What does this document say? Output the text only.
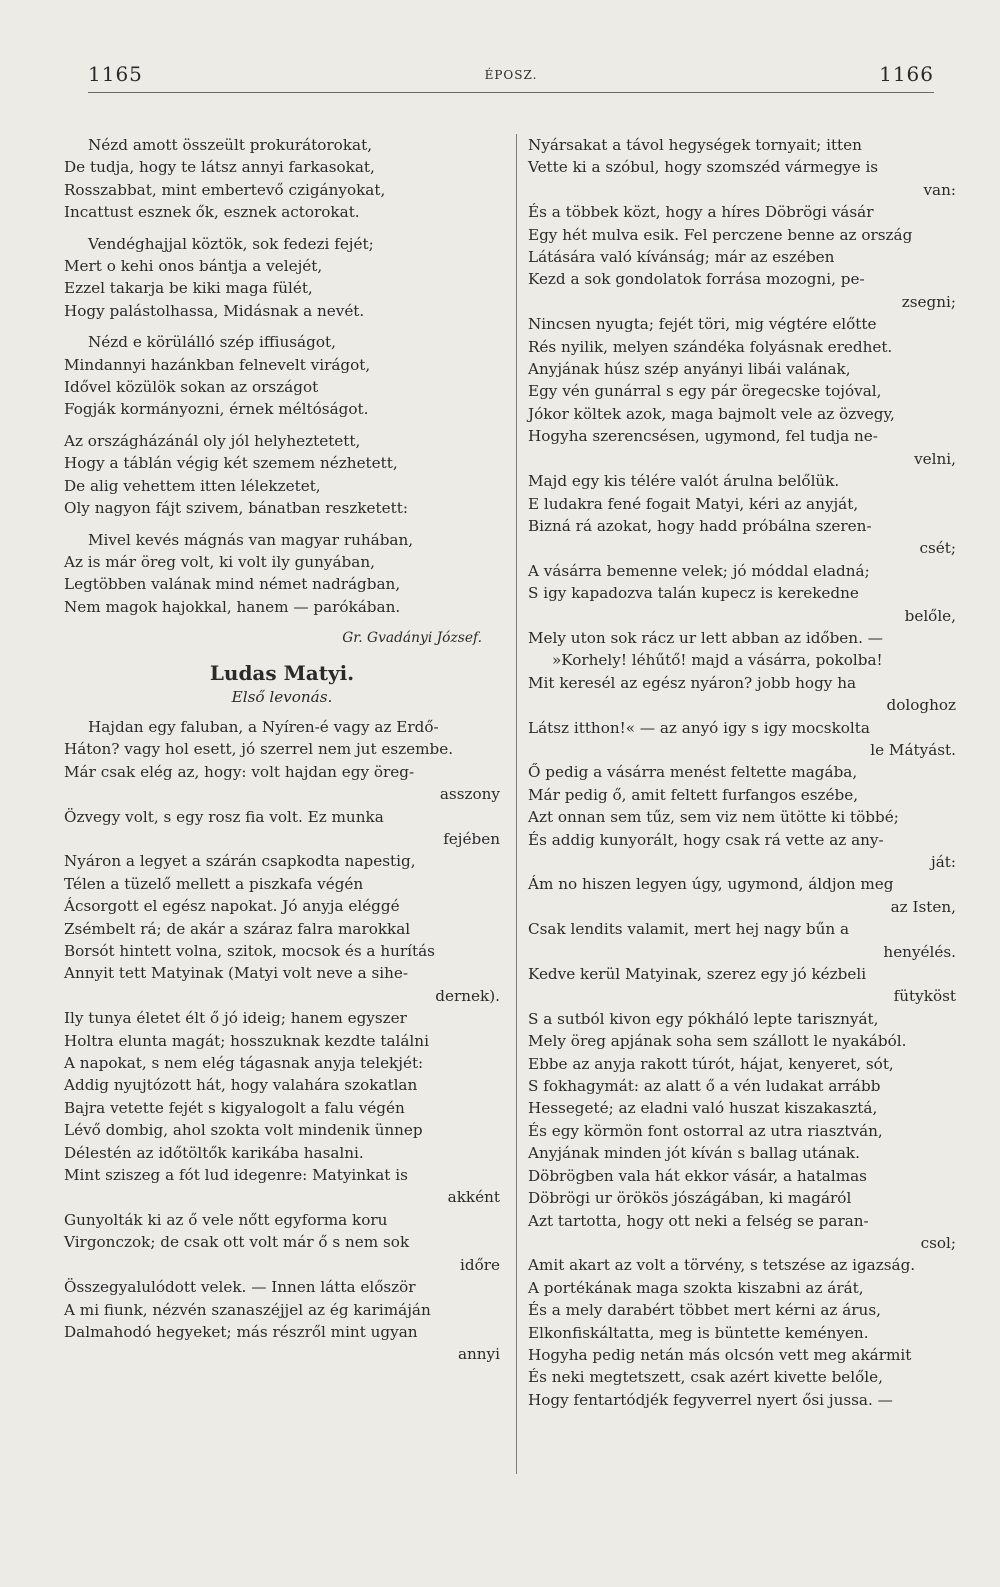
1165	ÉPOSZ.	1166
Nézd amott összeült prokurátorokat,
De tudja, hogy te látsz annyi farkasokat,
Rosszabbat, mint embertevő czigányokat,
Incattust esznek ők, esznek actorokat.
Vendéghajjal köztök, sok fedezi fejét;
Mert o kehi onos bántja a velejét,
Ezzel takarja be kiki maga fülét,
Hogy palástolhassa, Midásnak a nevét.
Nézd e körülálló szép iffiuságot,
Mindannyi hazánkban felnevelt virágot,
Idővel közülök sokan az országot
Fogják kormányozni, érnek méltóságot.
Az országházánál oly jól helyheztetett,
Hogy a táblán végig két szemem nézhetett,
De alig vehettem itten lélekzetet,
Oly nagyon fájt szivem, bánatban reszketett:
Mivel kevés mágnás van magyar ruhában,
Az is már öreg volt, ki volt ily gunyában,
Legtöbben valának mind német nadrágban,
Nem magok hajokkal, hanem — parókában.
Gr. Gvadányi József.
Ludas Matyi.
Első levonás.
Hajdan egy faluban, a Nyíren-é vagy az Erdő-
Háton? vagy hol esett, jó szerrel nem jut eszembe.
Már csak elég az, hogy: volt hajdan egy öreg-
asszony
Özvegy volt, s egy rosz fia volt. Ez munka
fejében
Nyáron a legyet a szárán csapkodta napestig,
Télen a tüzelő mellett a piszkafa végén
Ácsorgott el egész napokat. Jó anyja eléggé
Zsémbelt rá; de akár a száraz falra marokkal
Borsót hintett volna, szitok, mocsok és a hurítás
Annyit tett Matyinak (Matyi volt neve a sihe-
dernek).
Ily tunya életet élt ő jó ideig; hanem egyszer
Holtra elunta magát; hosszuknak kezdte találni
A napokat, s nem elég tágasnak anyja telekjét:
Addig nyujtózott hát, hogy valahára szokatlan
Bajra vetette fejét s kigyalogolt a falu végén
Lévő dombig, ahol szokta volt mindenik ünnep
Délestén az időtöltők karikába hasalni.
Mint sziszeg a fót lud idegenre: Matyinkat is
akként
Gunyolták ki az ő vele nőtt egyforma koru
Virgonczok; de csak ott volt már ő s nem sok
időre
Összegyalulódott velek. — Innen látta először
A mi fiunk, nézvén szanaszéjjel az ég karimáján
Dalmahodó hegyeket; más részről mint ugyan
annyi
Nyársakat a távol hegységek tornyait; itten
Vette ki a szóbul, hogy szomszéd vármegye is
van:
És a többek közt, hogy a híres Döbrögi vásár
Egy hét mulva esik. Fel perczene benne az ország
Látására való kívánság; már az eszében
Kezd a sok gondolatok forrása mozogni, pe-
zsegni;
Nincsen nyugta; fejét töri, mig végtére előtte
Rés nyilik, melyen szándéka folyásnak eredhet.
Anyjának húsz szép anyányi libái valának,
Egy vén gunárral s egy pár öregecske tojóval,
Jókor költek azok, maga bajmolt vele az özvegy,
Hogyha szerencsésen, ugymond, fel tudja ne-
velni,
Majd egy kis télére valót árulna belőlük.
E ludakra fené fogait Matyi, kéri az anyját,
Bizná rá azokat, hogy hadd próbálna szeren-
csét;
A vásárra bemenne velek; jó móddal eladná;
S igy kapadozva talán kupecz is kerekedne
belőle,
Mely uton sok rácz ur lett abban az időben. —
»Korhely! léhűtő! majd a vásárra, pokolba!
Mit keresél az egész nyáron? jobb hogy ha
dologhoz
Látsz itthon!« — az anyó igy s igy mocskolta
le Mátyást.
Ő pedig a vásárra menést feltette magába,
Már pedig ő, amit feltett furfangos eszébe,
Azt onnan sem tűz, sem viz nem ütötte ki többé;
És addig kunyorált, hogy csak rá vette az any-
ját:
Ám no hiszen legyen úgy, ugymond, áldjon meg
az Isten,
Csak lendits valamit, mert hej nagy bűn a
henyélés.
Kedve kerül Matyinak, szerez egy jó kézbeli
fütyköst
S a sutból kivon egy pókháló lepte tarisznyát,
Mely öreg apjának soha sem szállott le nyakából.
Ebbe az anyja rakott túrót, hájat, kenyeret, sót,
S fokhagymát: az alatt ő a vén ludakat arrább
Hessegeté; az eladni való huszat kiszakasztá,
És egy körmön font ostorral az utra riasztván,
Anyjának minden jót kíván s ballag utának.
Döbrögben vala hát ekkor vásár, a hatalmas
Döbrögi ur örökös jószágában, ki magáról
Azt tartotta, hogy ott neki a felség se paran-
csol;
Amit akart az volt a törvény, s tetszése az igazság.
A portékának maga szokta kiszabni az árát,
És a mely darabért többet mert kérni az árus,
Elkonfiskáltatta, meg is büntette keményen.
Hogyha pedig netán más olcsón vett meg akármit
És neki megtetszett, csak azért kivette belőle,
Hogy fentartódjék fegyverrel nyert ősi jussa. —
